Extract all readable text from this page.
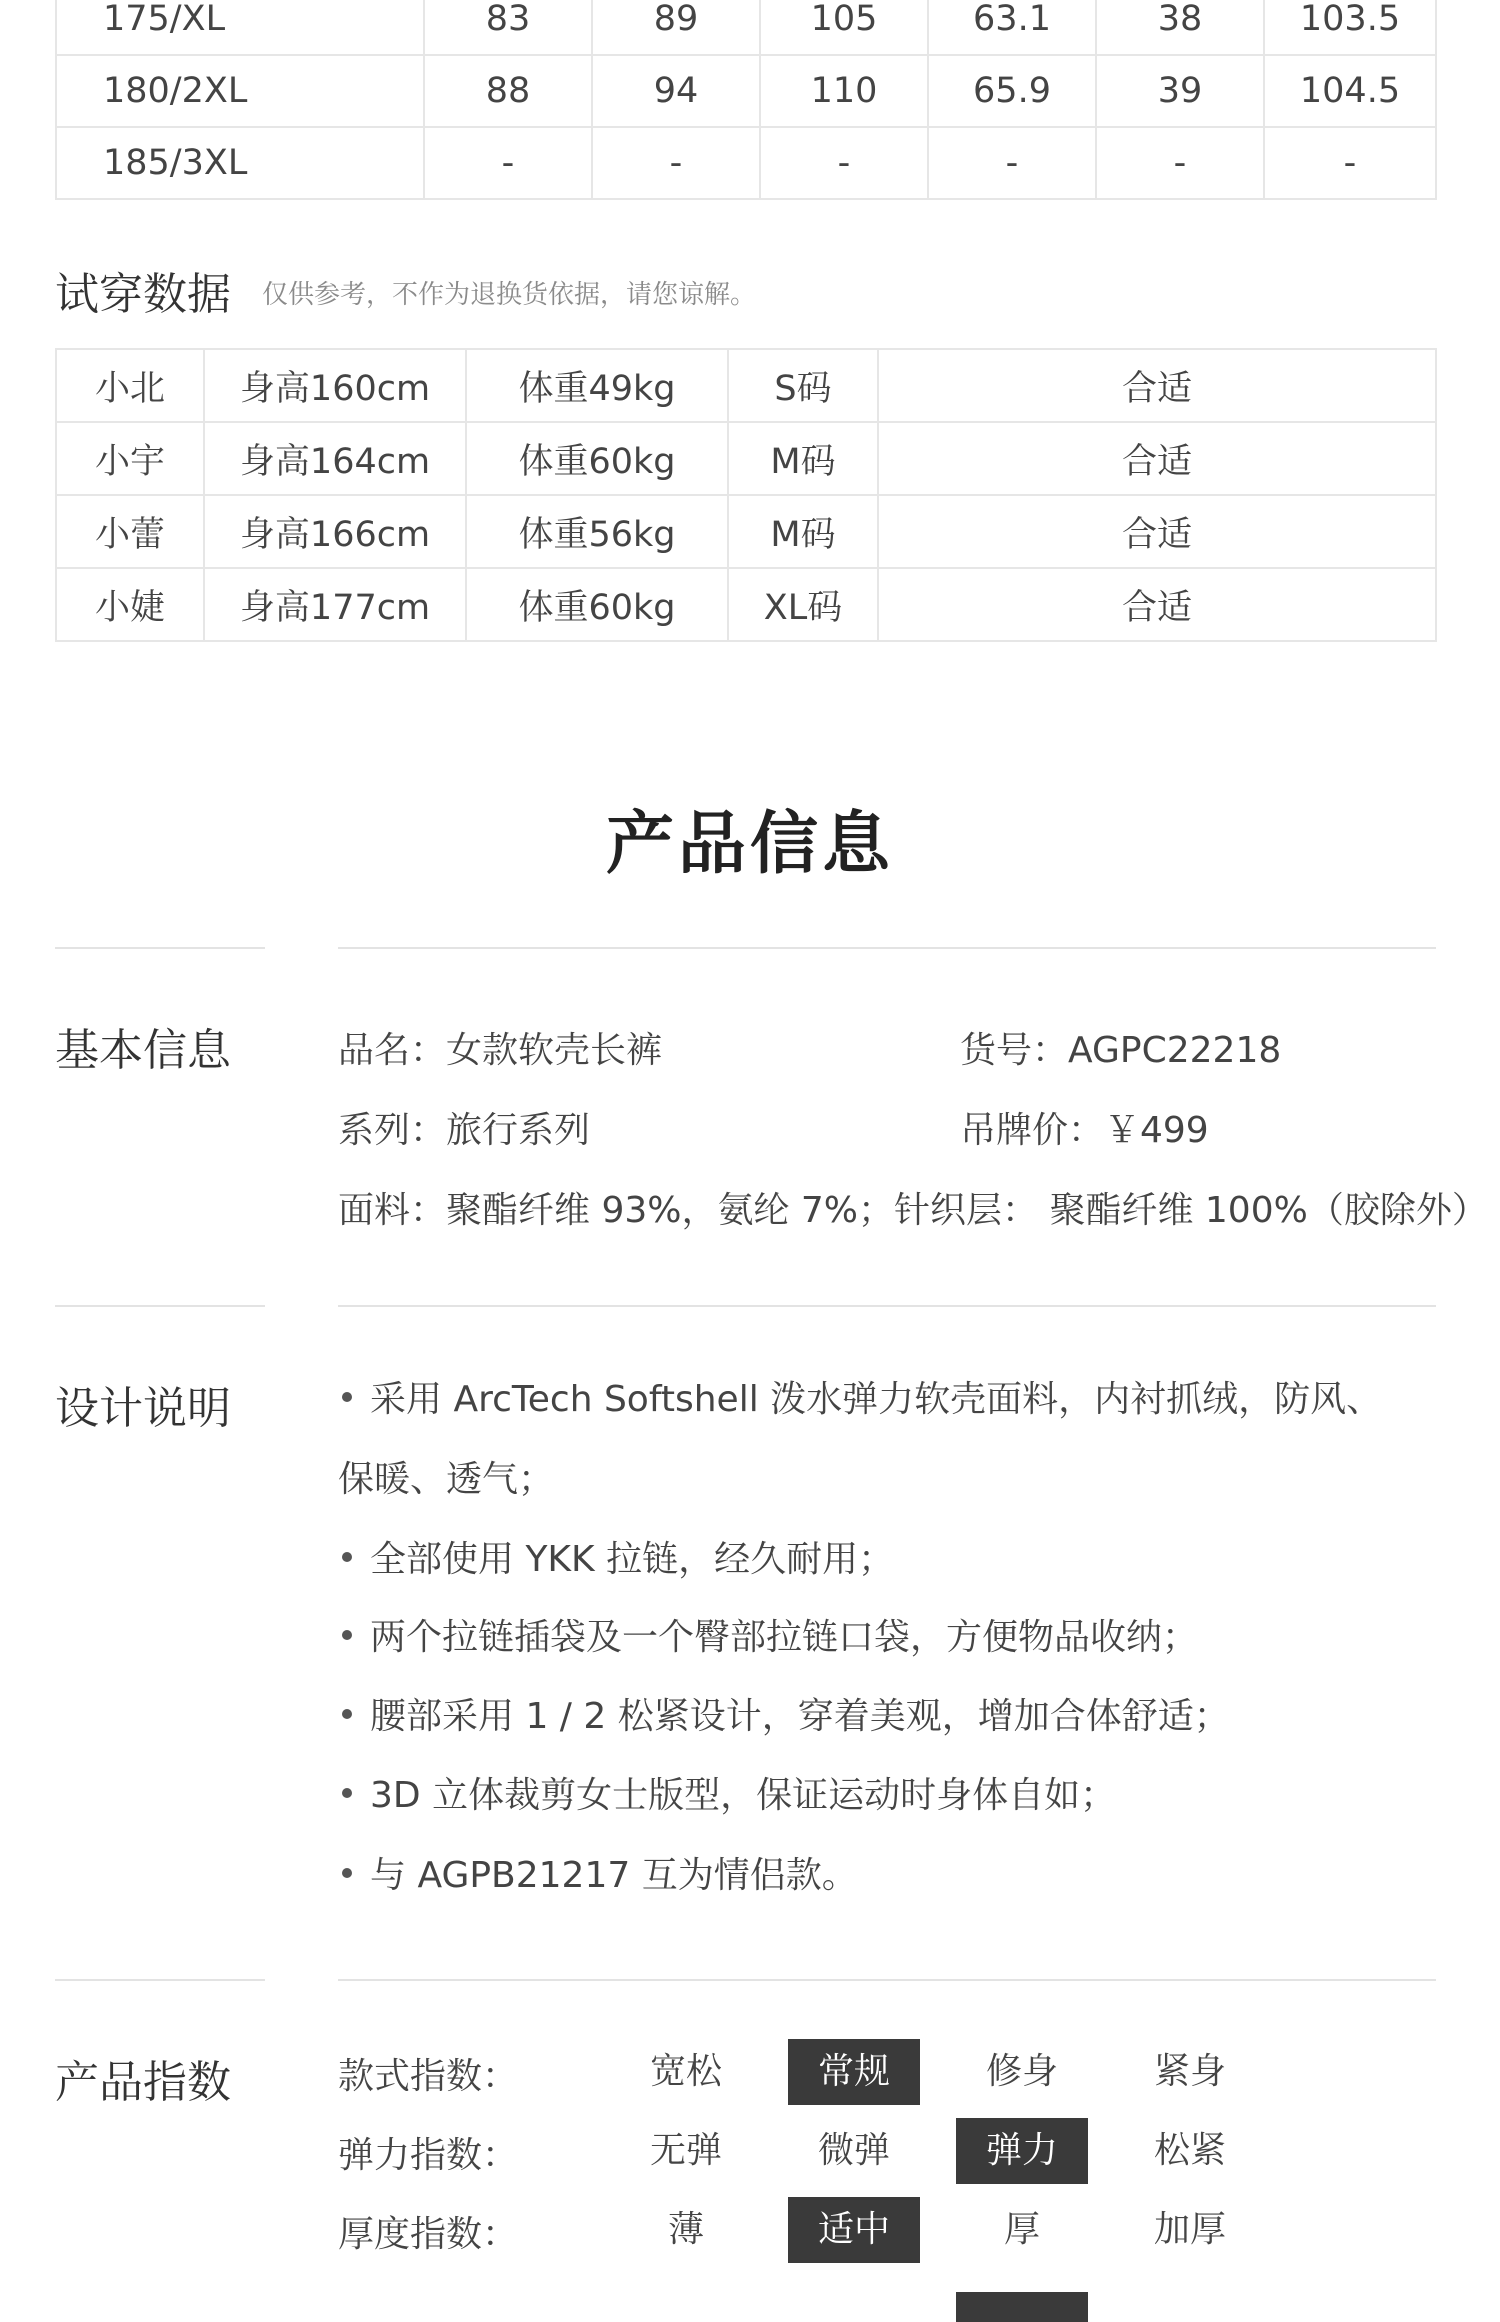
175/XL	83	89	105	63.1	38	103.5
180/2XL	88	94	110	65.9	39	104.5
185/3XL	-	-	-	-	-	-
试穿数据 仅供参考，不作为退换货依据，请您谅解。
小北	身高160cm	体重49kg	S码	合适
小宇	身高164cm	体重60kg	M码	合适
小蕾	身高166cm	体重56kg	M码	合适
小婕	身高177cm	体重60kg	XL码	合适
产品信息
基本信息	品名：女款软壳长裤	货号：AGPC22218
系列：旅行系列	吊牌价：￥499
面料：聚酯纤维 93%，氨纶 7%；针织层： 聚酯纤维 100%（胶除外）
设计说明	采用 ArcTech Softshell 泼水弹力软壳面料，内衬抓绒，防风、
保暖、透气；
全部使用 YKK 拉链，经久耐用；
两个拉链插袋及一个臀部拉链口袋，方便物品收纳；
腰部采用 1 / 2 松紧设计，穿着美观，增加合体舒适；
3D 立体裁剪女士版型，保证运动时身体自如；
与 AGPB21217 互为情侣款。
产品指数	款式指数：	宽松	常规	修身	紧身
弹力指数：	无弹	微弹	弹力	松紧
厚度指数：	薄	适中	厚	加厚
